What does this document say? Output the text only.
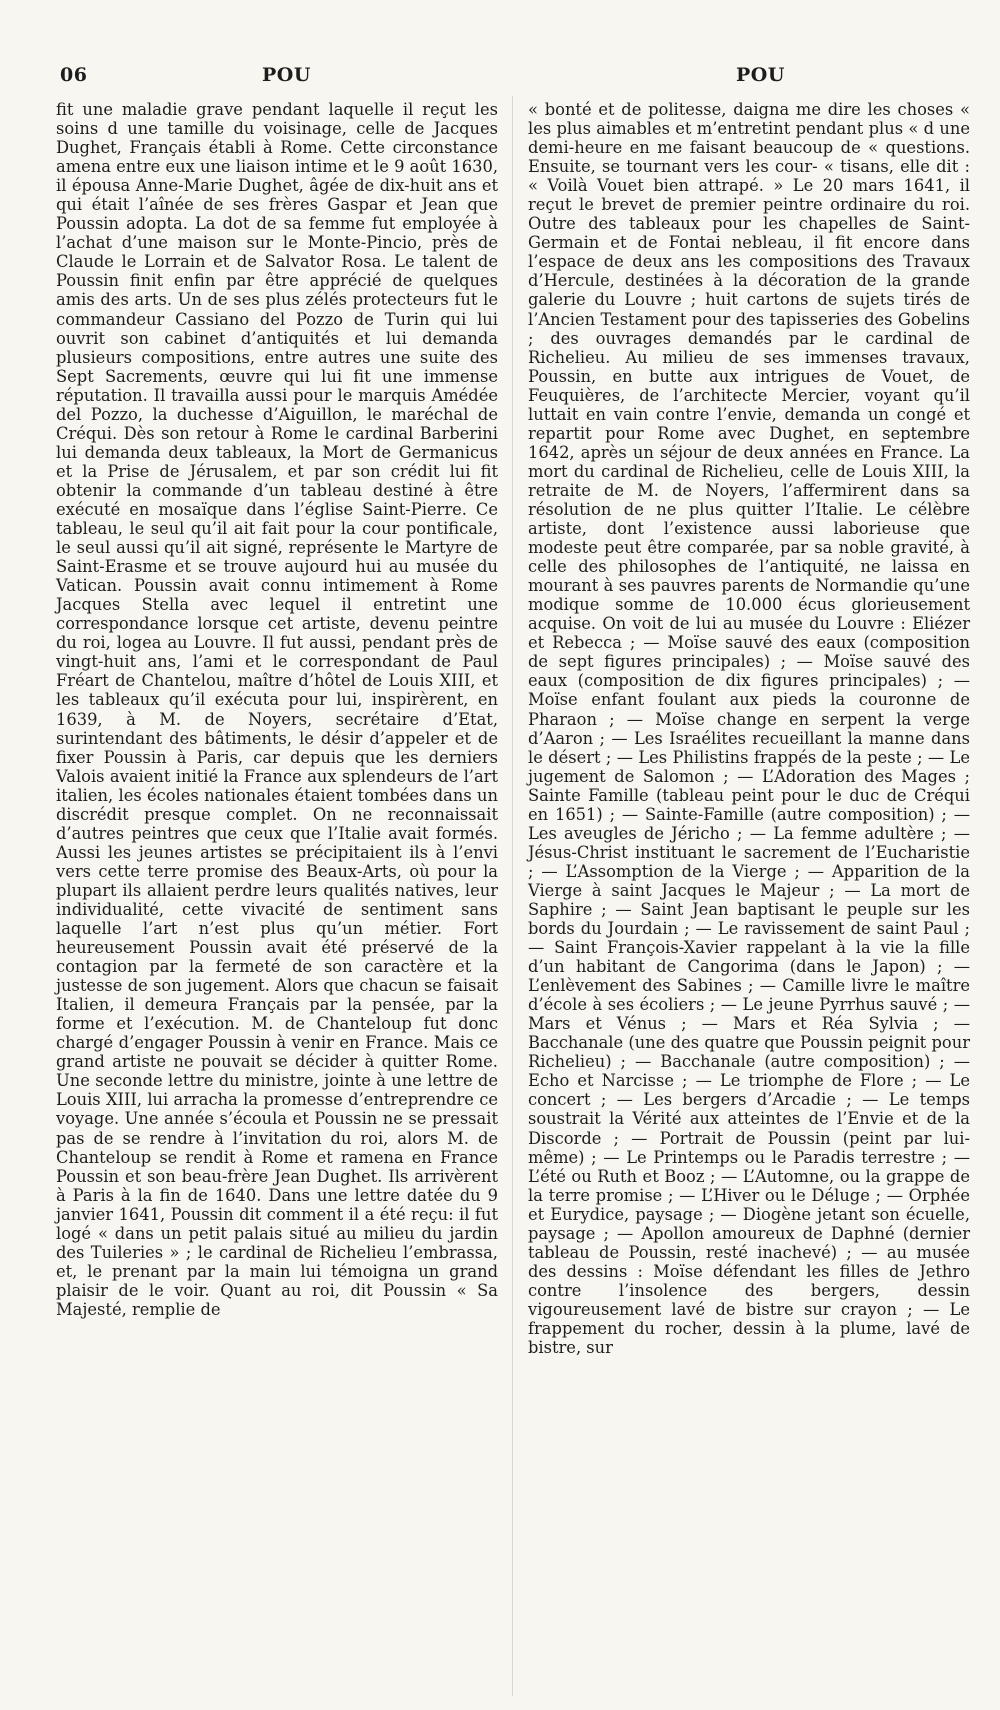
06	POU	POU

fit une maladie grave pendant laquelle il reçut les soins d une tamille du voisinage, celle de Jacques Dughet, Français établi à Rome. Cette circonstance amena entre eux une liaison intime et le 9 août 1630, il épousa Anne-Marie Dughet, âgée de dix-huit ans et qui était l’aînée de ses frères Gaspar et Jean que Poussin adopta. La dot de sa femme fut employée à l’achat d’une maison sur le Monte-Pincio, près de Claude le Lorrain et de Salvator Rosa. Le talent de Poussin finit enfin par être apprécié de quelques amis des arts. Un de ses plus zélés protecteurs fut le commandeur Cassiano del Pozzo de Turin qui lui ouvrit son cabinet d’antiquités et lui demanda plusieurs compositions, entre autres une suite des Sept Sacrements, œuvre qui lui fit une immense réputation. Il travailla aussi pour le marquis Amédée del Pozzo, la duchesse d’Aiguillon, le maréchal de Créqui. Dès son retour à Rome le cardinal Barberini lui demanda deux tableaux, la Mort de Germanicus et la Prise de Jérusalem, et par son crédit lui fit obtenir la commande d’un tableau destiné à être exécuté en mosaïque dans l’église Saint-Pierre. Ce tableau, le seul qu’il ait fait pour la cour pontificale, le seul aussi qu’il ait signé, représente le Martyre de Saint-Erasme et se trouve aujourd hui au musée du Vatican. Poussin avait connu intimement à Rome Jacques Stella avec lequel il entretint une correspondance lorsque cet artiste, devenu peintre du roi, logea au Louvre. Il fut aussi, pendant près de vingt-huit ans, l’ami et le correspondant de Paul Fréart de Chantelou, maître d’hôtel de Louis XIII, et les tableaux qu’il exécuta pour lui, inspirèrent, en 1639, à M. de Noyers, secrétaire d’Etat, surintendant des bâtiments, le désir d’appeler et de fixer Poussin à Paris, car depuis que les derniers Valois avaient initié la France aux splendeurs de l’art italien, les écoles nationales étaient tombées dans un discrédit presque complet. On ne reconnaissait d’autres peintres que ceux que l’Italie avait formés. Aussi les jeunes artistes se précipitaient ils à l’envi vers cette terre promise des Beaux-Arts, où pour la plupart ils allaient perdre leurs qualités natives, leur individualité, cette vivacité de sentiment sans laquelle l’art n’est plus qu’un métier. Fort heureusement Poussin avait été préservé de la contagion par la fermeté de son caractère et la justesse de son jugement. Alors que chacun se faisait Italien, il demeura Français par la pensée, par la forme et l’exécution. M. de Chanteloup fut donc chargé d’engager Poussin à venir en France. Mais ce grand artiste ne pouvait se décider à quitter Rome. Une seconde lettre du ministre, jointe à une lettre de Louis XIII, lui arracha la promesse d’entreprendre ce voyage. Une année s’écoula et Poussin ne se pressait pas de se rendre à l’invitation du roi, alors M. de Chanteloup se rendit à Rome et ramena en France Poussin et son beau-frère Jean Dughet. Ils arrivèrent à Paris à la fin de 1640. Dans une lettre datée du 9 janvier 1641, Poussin dit comment il a été reçu: il fut logé « dans un petit palais situé au milieu du jardin des Tuileries » ; le cardinal de Richelieu l’embrassa, et, le prenant par la main lui témoigna un grand plaisir de le voir. Quant au roi, dit Poussin « Sa Majesté, remplie de

« bonté et de politesse, daigna me dire les choses « les plus aimables et m’entretint pendant plus « d une demi-heure en me faisant beaucoup de « questions. Ensuite, se tournant vers les cour- « tisans, elle dit : « Voilà Vouet bien attrapé. » Le 20 mars 1641, il reçut le brevet de premier peintre ordinaire du roi. Outre des tableaux pour les chapelles de Saint-Germain et de Fontai nebleau, il fit encore dans l’espace de deux ans les compositions des Travaux d’Hercule, destinées à la décoration de la grande galerie du Louvre ; huit cartons de sujets tirés de l’Ancien Testament pour des tapisseries des Gobelins ; des ouvrages demandés par le cardinal de Richelieu. Au milieu de ses immenses travaux, Poussin, en butte aux intrigues de Vouet, de Feuquières, de l’architecte Mercier, voyant qu’il luttait en vain contre l’envie, demanda un congé et repartit pour Rome avec Dughet, en septembre 1642, après un séjour de deux années en France. La mort du cardinal de Richelieu, celle de Louis XIII, la retraite de M. de Noyers, l’affermirent dans sa résolution de ne plus quitter l’Italie. Le célèbre artiste, dont l’existence aussi laborieuse que modeste peut être comparée, par sa noble gravité, à celle des philosophes de l’antiquité, ne laissa en mourant à ses pauvres parents de Normandie qu’une modique somme de 10.000 écus glorieusement acquise. On voit de lui au musée du Louvre : Eliézer et Rebecca ; — Moïse sauvé des eaux (composition de sept figures principales) ; — Moïse sauvé des eaux (composition de dix figures principales) ; — Moïse enfant foulant aux pieds la couronne de Pharaon ; — Moïse change en serpent la verge d’Aaron ; — Les Israélites recueillant la manne dans le désert ; — Les Philistins frappés de la peste ; — Le jugement de Salomon ; — L’Adoration des Mages ; Sainte Famille (tableau peint pour le duc de Créqui en 1651) ; — Sainte-Famille (autre composition) ; — Les aveugles de Jéricho ; — La femme adultère ; — Jésus-Christ instituant le sacrement de l’Eucharistie ; — L’Assomption de la Vierge ; — Apparition de la Vierge à saint Jacques le Majeur ; — La mort de Saphire ; — Saint Jean baptisant le peuple sur les bords du Jourdain ; — Le ravissement de saint Paul ; — Saint François-Xavier rappelant à la vie la fille d’un habitant de Cangorima (dans le Japon) ; — L’enlèvement des Sabines ; — Camille livre le maître d’école à ses écoliers ; — Le jeune Pyrrhus sauvé ; — Mars et Vénus ; — Mars et Réa Sylvia ; — Bacchanale (une des quatre que Poussin peignit pour Richelieu) ; — Bacchanale (autre composition) ; — Echo et Narcisse ; — Le triomphe de Flore ; — Le concert ; — Les bergers d’Arcadie ; — Le temps soustrait la Vérité aux atteintes de l’Envie et de la Discorde ; — Portrait de Poussin (peint par lui-même) ; — Le Printemps ou le Paradis terrestre ; — L’été ou Ruth et Booz ; — L’Automne, ou la grappe de la terre promise ; — L’Hiver ou le Déluge ; — Orphée et Eurydice, paysage ; — Diogène jetant son écuelle, paysage ; — Apollon amoureux de Daphné (dernier tableau de Poussin, resté inachevé) ; — au musée des dessins : Moïse défendant les filles de Jethro contre l’insolence des bergers, dessin vigoureusement lavé de bistre sur crayon ; — Le frappement du rocher, dessin à la plume, lavé de bistre, sur
